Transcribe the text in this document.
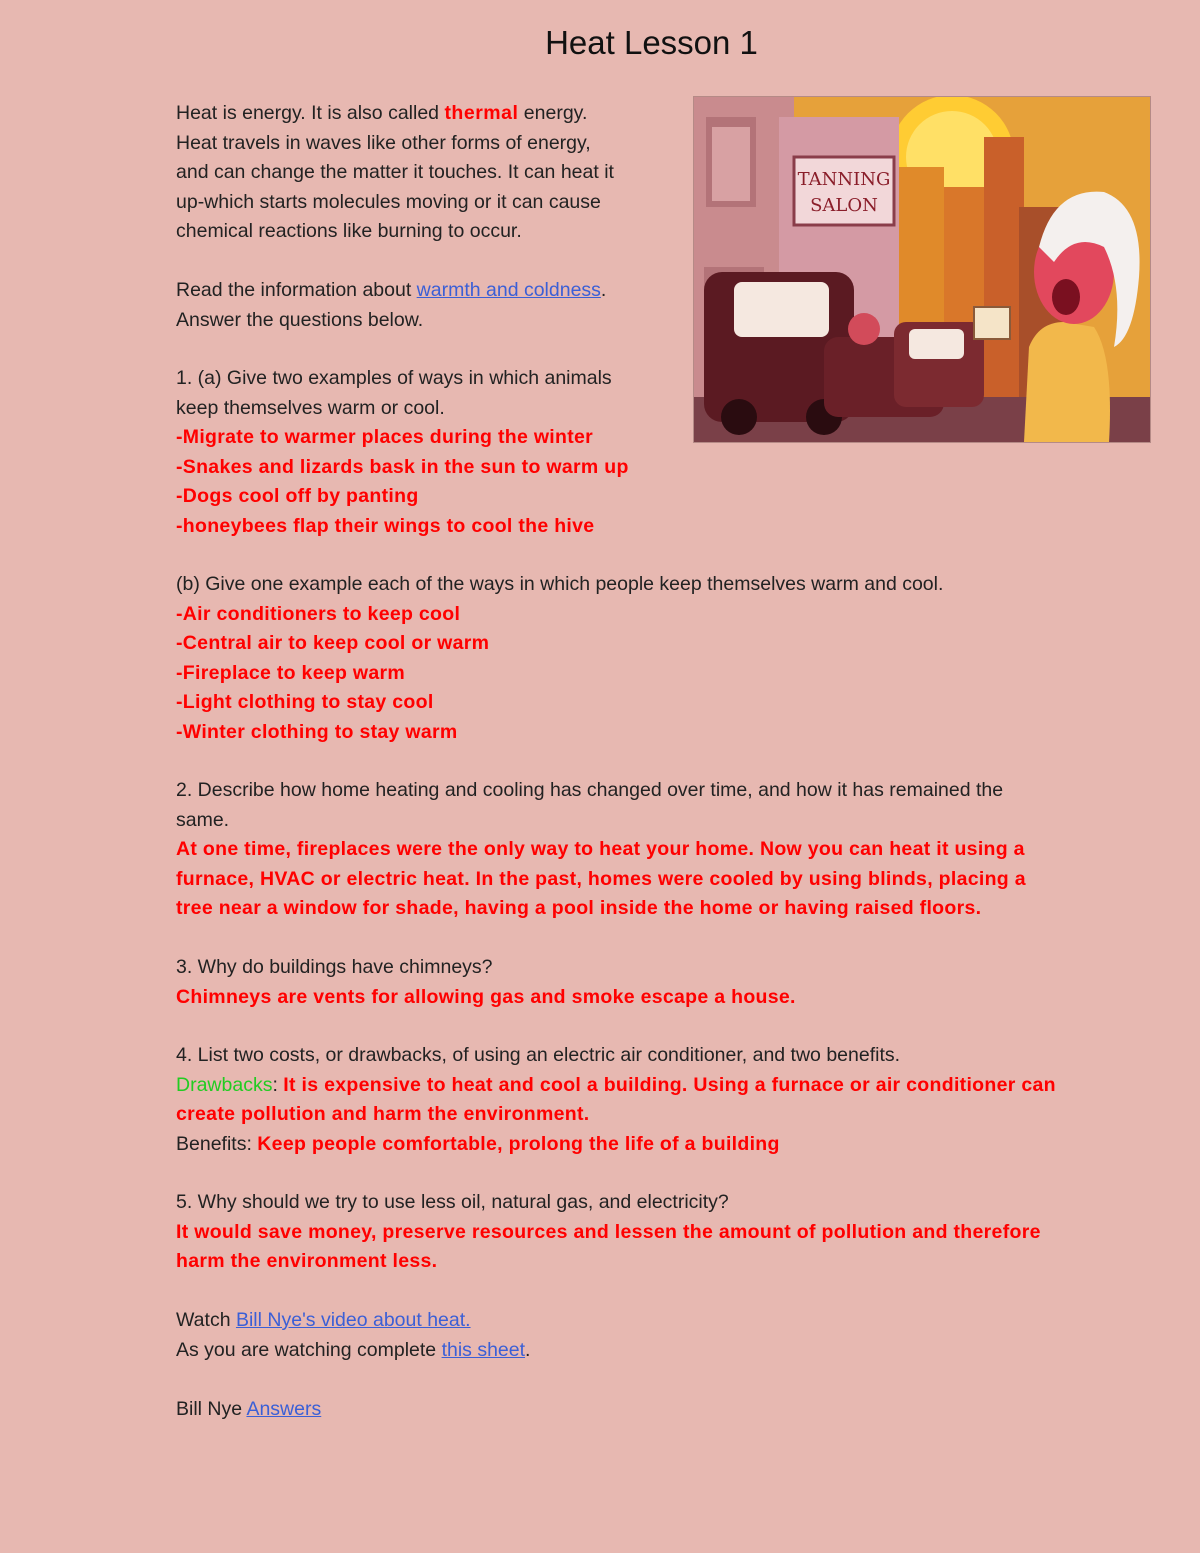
Heat Lesson 1

Heat is energy. It is also called thermal energy.
Heat travels in waves like other forms of energy,
and can change the matter it touches. It can heat it
up-which starts molecules moving or it can cause
chemical reactions like burning to occur.

Read the information about warmth and coldness.
Answer the questions below.

1. (a) Give two examples of ways in which animals
keep themselves warm or cool.
-Migrate to warmer places during the winter
-Snakes and lizards bask in the sun to warm up
-Dogs cool off by panting
-honeybees flap their wings to cool the hive

(b) Give one example each of the ways in which people keep themselves warm and cool.
-Air conditioners to keep cool
-Central air to keep cool or warm
-Fireplace to keep warm
-Light clothing to stay cool
-Winter clothing to stay warm

2. Describe how home heating and cooling has changed over time, and how it has remained the
same.
At one time, fireplaces were the only way to heat your home. Now you can heat it using a
furnace, HVAC or electric heat. In the past, homes were cooled by using blinds, placing a
tree near a window for shade, having a pool inside the home or having raised floors.

3. Why do buildings have chimneys?
Chimneys are vents for allowing gas and smoke escape a house.

4. List two costs, or drawbacks, of using an electric air conditioner, and two benefits.
Drawbacks: It is expensive to heat and cool a building. Using a furnace or air conditioner can
create pollution and harm the environment.
Benefits: Keep people comfortable, prolong the life of a building

5. Why should we try to use less oil, natural gas, and electricity?
It would save money, preserve resources and lessen the amount of pollution and therefore
harm the environment less.

Watch Bill Nye's video about heat.
As you are watching complete this sheet.

Bill Nye Answers

TANNING
SALON
